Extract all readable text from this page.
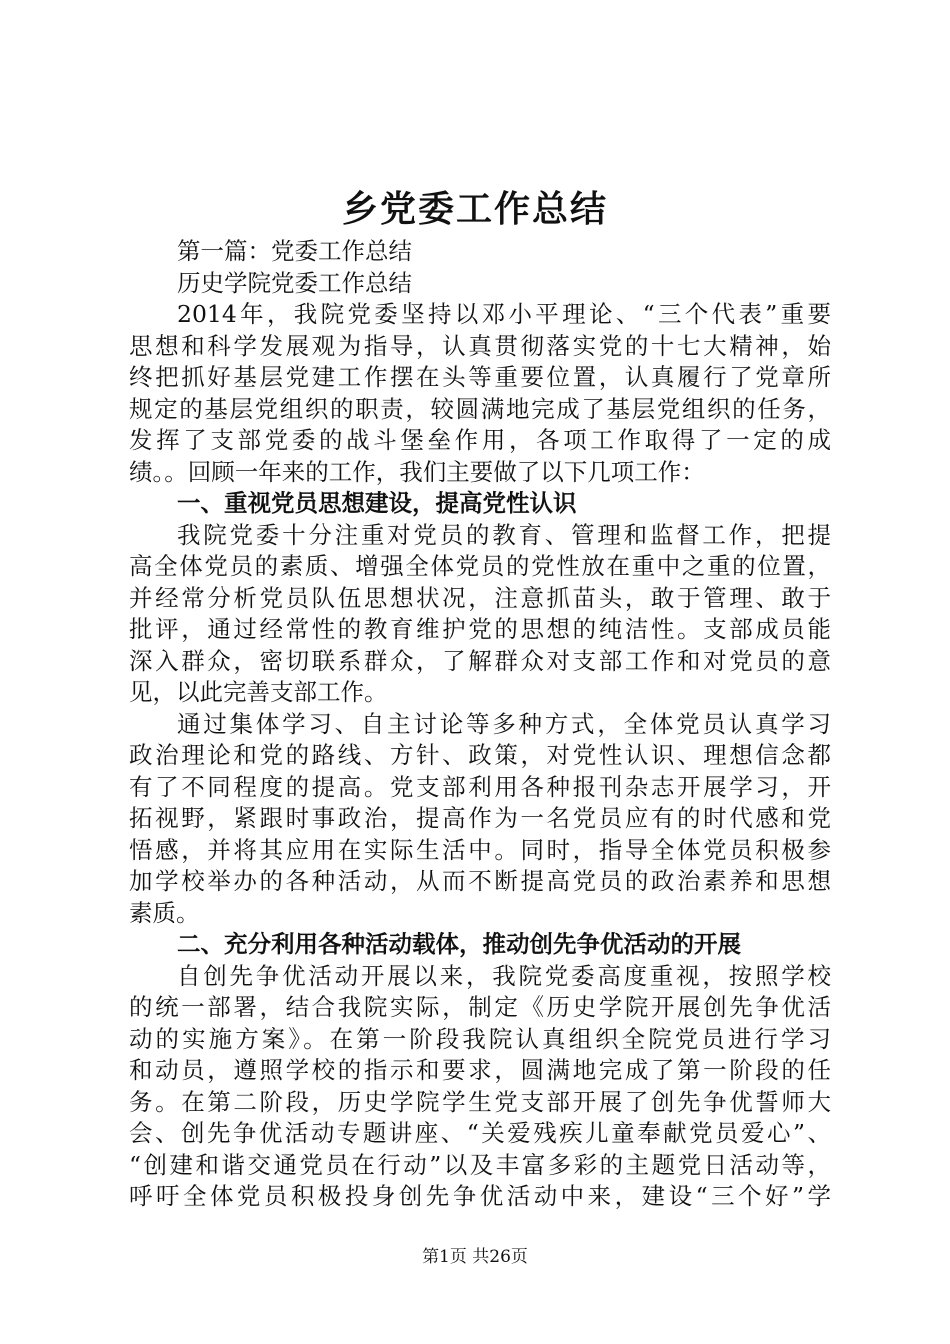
乡党委工作总结
第一篇：党委工作总结
历史学院党委工作总结
2014年，我院党委坚持以邓小平理论、“三个代表”重要
思想和科学发展观为指导，认真贯彻落实党的十七大精神，始
终把抓好基层党建工作摆在头等重要位置，认真履行了党章所
规定的基层党组织的职责，较圆满地完成了基层党组织的任务，
发挥了支部党委的战斗堡垒作用，各项工作取得了一定的成
绩。。回顾一年来的工作，我们主要做了以下几项工作：
一、重视党员思想建设，提高党性认识
我院党委十分注重对党员的教育、管理和监督工作，把提
高全体党员的素质、增强全体党员的党性放在重中之重的位置，
并经常分析党员队伍思想状况，注意抓苗头，敢于管理、敢于
批评，通过经常性的教育维护党的思想的纯洁性。支部成员能
深入群众，密切联系群众，了解群众对支部工作和对党员的意
见，以此完善支部工作。
通过集体学习、自主讨论等多种方式，全体党员认真学习
政治理论和党的路线、方针、政策，对党性认识、理想信念都
有了不同程度的提高。党支部利用各种报刊杂志开展学习，开
拓视野，紧跟时事政治，提高作为一名党员应有的时代感和党
悟感，并将其应用在实际生活中。同时，指导全体党员积极参
加学校举办的各种活动，从而不断提高党员的政治素养和思想
素质。
二、充分利用各种活动载体，推动创先争优活动的开展
自创先争优活动开展以来，我院党委高度重视，按照学校
的统一部署，结合我院实际，制定《历史学院开展创先争优活
动的实施方案》。在第一阶段我院认真组织全院党员进行学习
和动员，遵照学校的指示和要求，圆满地完成了第一阶段的任
务。在第二阶段，历史学院学生党支部开展了创先争优誓师大
会、创先争优活动专题讲座、“关爱残疾儿童奉献党员爱心”、
“创建和谐交通党员在行动”以及丰富多彩的主题党日活动等，
呼吁全体党员积极投身创先争优活动中来，建设“三个好”学
第1页 共26页
